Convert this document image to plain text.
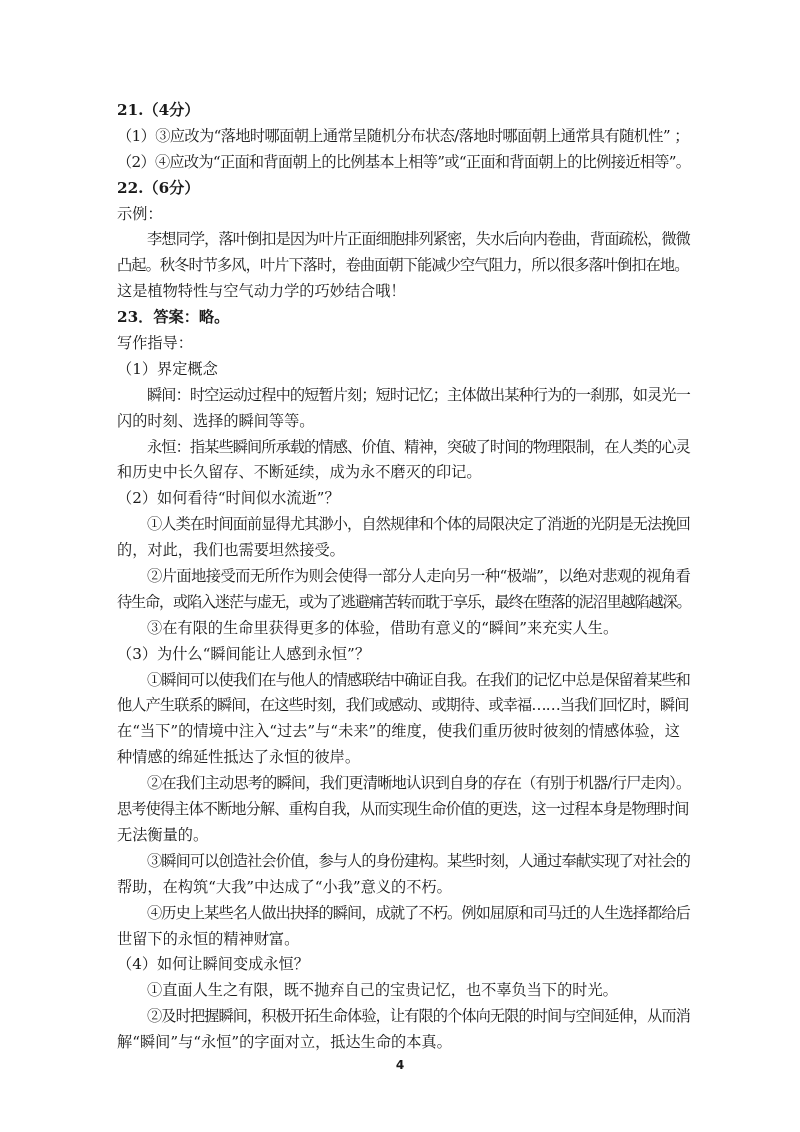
21.（4分）
（1）③应改为“落地时哪面朝上通常呈随机分布状态/落地时哪面朝上通常具有随机性” ；
（2）④应改为“正面和背面朝上的比例基本上相等”或“正面和背面朝上的比例接近相等”。
22.（6分）
示例：
李想同学，落叶倒扣是因为叶片正面细胞排列紧密，失水后向内卷曲，背面疏松，微微
凸起。秋冬时节多风，叶片下落时，卷曲面朝下能减少空气阻力，所以很多落叶倒扣在地。
这是植物特性与空气动力学的巧妙结合哦！
23．答案：略。
写作指导：
（1）界定概念
瞬间：时空运动过程中的短暂片刻；短时记忆；主体做出某种行为的一刹那，如灵光一
闪的时刻、选择的瞬间等等。
永恒：指某些瞬间所承载的情感、价值、精神，突破了时间的物理限制，在人类的心灵
和历史中长久留存、不断延续，成为永不磨灭的印记。
（2）如何看待“时间似水流逝”？
①人类在时间面前显得尤其渺小，自然规律和个体的局限决定了消逝的光阴是无法挽回
的，对此，我们也需要坦然接受。
②片面地接受而无所作为则会使得一部分人走向另一种“极端”，以绝对悲观的视角看
待生命，或陷入迷茫与虚无，或为了逃避痛苦转而耽于享乐，最终在堕落的泥沼里越陷越深。
③在有限的生命里获得更多的体验，借助有意义的“瞬间”来充实人生。
（3）为什么“瞬间能让人感到永恒”？
①瞬间可以使我们在与他人的情感联结中确证自我。在我们的记忆中总是保留着某些和
他人产生联系的瞬间，在这些时刻，我们或感动、或期待、或幸福……当我们回忆时，瞬间
在“当下”的情境中注入“过去”与“未来”的维度，使我们重历彼时彼刻的情感体验，这
种情感的绵延性抵达了永恒的彼岸。
②在我们主动思考的瞬间，我们更清晰地认识到自身的存在（有别于机器/行尸走肉）。
思考使得主体不断地分解、重构自我，从而实现生命价值的更迭，这一过程本身是物理时间
无法衡量的。
③瞬间可以创造社会价值，参与人的身份建构。某些时刻，人通过奉献实现了对社会的
帮助，在构筑“大我”中达成了“小我”意义的不朽。
④历史上某些名人做出抉择的瞬间，成就了不朽。例如屈原和司马迁的人生选择都给后
世留下的永恒的精神财富。
（4）如何让瞬间变成永恒？
①直面人生之有限，既不抛弃自己的宝贵记忆，也不辜负当下的时光。
②及时把握瞬间，积极开拓生命体验，让有限的个体向无限的时间与空间延伸，从而消
解“瞬间”与“永恒”的字面对立，抵达生命的本真。
4
